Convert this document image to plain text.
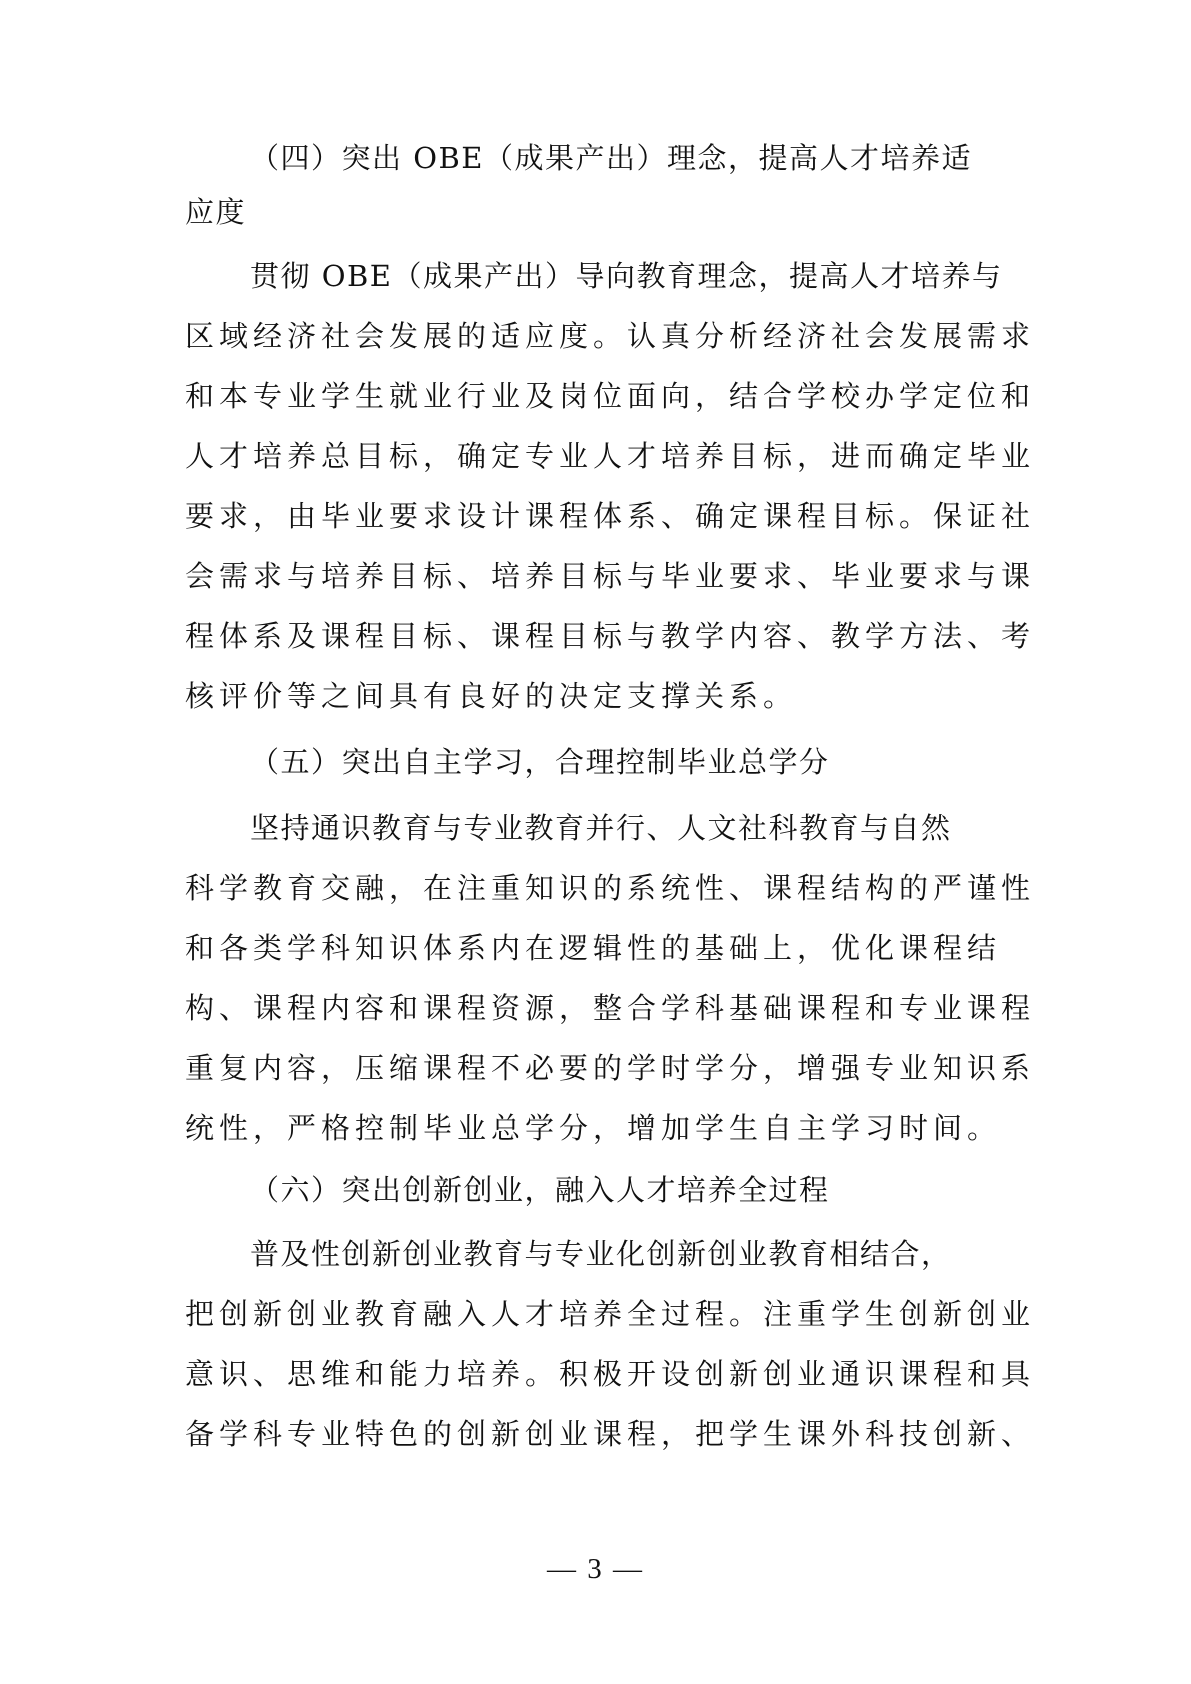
（四）突出 OBE（成果产出）理念，提高人才培养适
应度
贯彻 OBE（成果产出）导向教育理念，提高人才培养与
区域经济社会发展的适应度。认真分析经济社会发展需求
和本专业学生就业行业及岗位面向，结合学校办学定位和
人才培养总目标，确定专业人才培养目标，进而确定毕业
要求，由毕业要求设计课程体系、确定课程目标。保证社
会需求与培养目标、培养目标与毕业要求、毕业要求与课
程体系及课程目标、课程目标与教学内容、教学方法、考
核评价等之间具有良好的决定支撑关系。
（五）突出自主学习，合理控制毕业总学分
坚持通识教育与专业教育并行、人文社科教育与自然
科学教育交融，在注重知识的系统性、课程结构的严谨性
和各类学科知识体系内在逻辑性的基础上，优化课程结
构、课程内容和课程资源，整合学科基础课程和专业课程
重复内容，压缩课程不必要的学时学分，增强专业知识系
统性，严格控制毕业总学分，增加学生自主学习时间。
（六）突出创新创业，融入人才培养全过程
普及性创新创业教育与专业化创新创业教育相结合，
把创新创业教育融入人才培养全过程。注重学生创新创业
意识、思维和能力培养。积极开设创新创业通识课程和具
备学科专业特色的创新创业课程，把学生课外科技创新、
— 3 —
